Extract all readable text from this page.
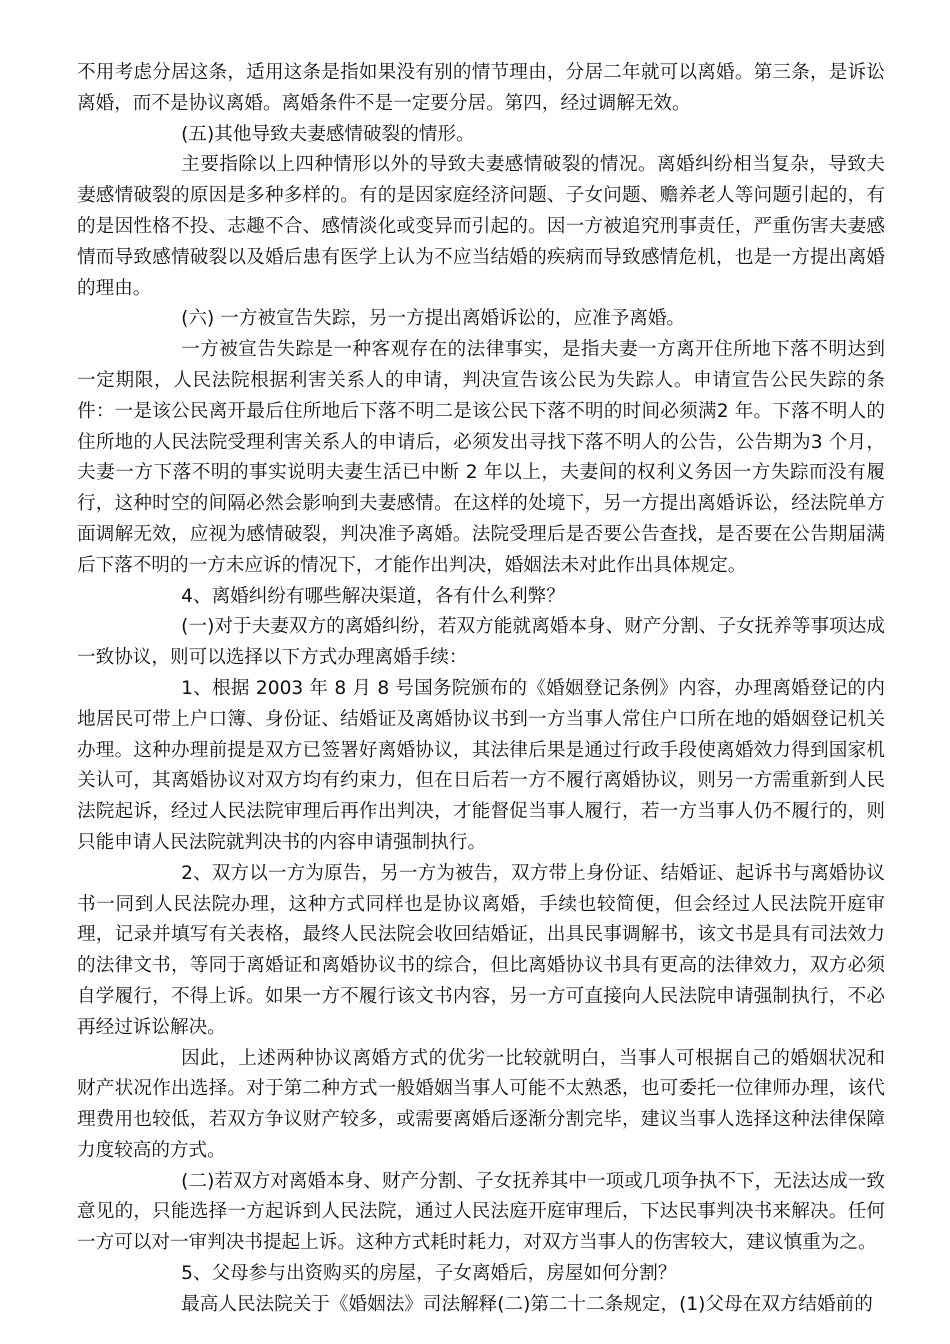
不用考虑分居这条，适用这条是指如果没有别的情节理由，分居二年就可以离婚。第三条，是诉讼离婚，而不是协议离婚。离婚条件不是一定要分居。第四，经过调解无效。

(五)其他导致夫妻感情破裂的情形。

主要指除以上四种情形以外的导致夫妻感情破裂的情况。离婚纠纷相当复杂，导致夫妻感情破裂的原因是多种多样的。有的是因家庭经济问题、子女问题、赡养老人等问题引起的，有的是因性格不投、志趣不合、感情淡化或变异而引起的。因一方被追究刑事责任，严重伤害夫妻感情而导致感情破裂以及婚后患有医学上认为不应当结婚的疾病而导致感情危机，也是一方提出离婚的理由。

(六) 一方被宣告失踪，另一方提出离婚诉讼的，应准予离婚。

一方被宣告失踪是一种客观存在的法律事实，是指夫妻一方离开住所地下落不明达到一定期限，人民法院根据利害关系人的申请，判决宣告该公民为失踪人。申请宣告公民失踪的条件：一是该公民离开最后住所地后下落不明二是该公民下落不明的时间必须满2 年。下落不明人的住所地的人民法院受理利害关系人的申请后，必须发出寻找下落不明人的公告，公告期为3 个月，夫妻一方下落不明的事实说明夫妻生活已中断 2 年以上，夫妻间的权利义务因一方失踪而没有履行，这种时空的间隔必然会影响到夫妻感情。在这样的处境下，另一方提出离婚诉讼，经法院单方面调解无效，应视为感情破裂，判决准予离婚。法院受理后是否要公告查找，是否要在公告期届满后下落不明的一方未应诉的情况下，才能作出判决，婚姻法未对此作出具体规定。

4、离婚纠纷有哪些解决渠道，各有什么利弊？

(一)对于夫妻双方的离婚纠纷，若双方能就离婚本身、财产分割、子女抚养等事项达成一致协议，则可以选择以下方式办理离婚手续：

1、根据 2003 年 8 月 8 号国务院颁布的《婚姻登记条例》内容，办理离婚登记的内地居民可带上户口簿、身份证、结婚证及离婚协议书到一方当事人常住户口所在地的婚姻登记机关办理。这种办理前提是双方已签署好离婚协议，其法律后果是通过行政手段使离婚效力得到国家机关认可，其离婚协议对双方均有约束力，但在日后若一方不履行离婚协议，则另一方需重新到人民法院起诉，经过人民法院审理后再作出判决，才能督促当事人履行，若一方当事人仍不履行的，则只能申请人民法院就判决书的内容申请强制执行。

2、双方以一方为原告，另一方为被告，双方带上身份证、结婚证、起诉书与离婚协议书一同到人民法院办理，这种方式同样也是协议离婚，手续也较简便，但会经过人民法院开庭审理，记录并填写有关表格，最终人民法院会收回结婚证，出具民事调解书，该文书是具有司法效力的法律文书，等同于离婚证和离婚协议书的综合，但比离婚协议书具有更高的法律效力，双方必须自学履行，不得上诉。如果一方不履行该文书内容，另一方可直接向人民法院申请强制执行，不必再经过诉讼解决。

因此，上述两种协议离婚方式的优劣一比较就明白，当事人可根据自己的婚姻状况和财产状况作出选择。对于第二种方式一般婚姻当事人可能不太熟悉，也可委托一位律师办理，该代理费用也较低，若双方争议财产较多，或需要离婚后逐渐分割完毕，建议当事人选择这种法律保障力度较高的方式。

(二)若双方对离婚本身、财产分割、子女抚养其中一项或几项争执不下，无法达成一致意见的，只能选择一方起诉到人民法院，通过人民法庭开庭审理后，下达民事判决书来解决。任何一方可以对一审判决书提起上诉。这种方式耗时耗力，对双方当事人的伤害较大，建议慎重为之。

5、父母参与出资购买的房屋，子女离婚后，房屋如何分割？

最高人民法院关于《婚姻法》司法解释(二)第二十二条规定，(1)父母在双方结婚前的
